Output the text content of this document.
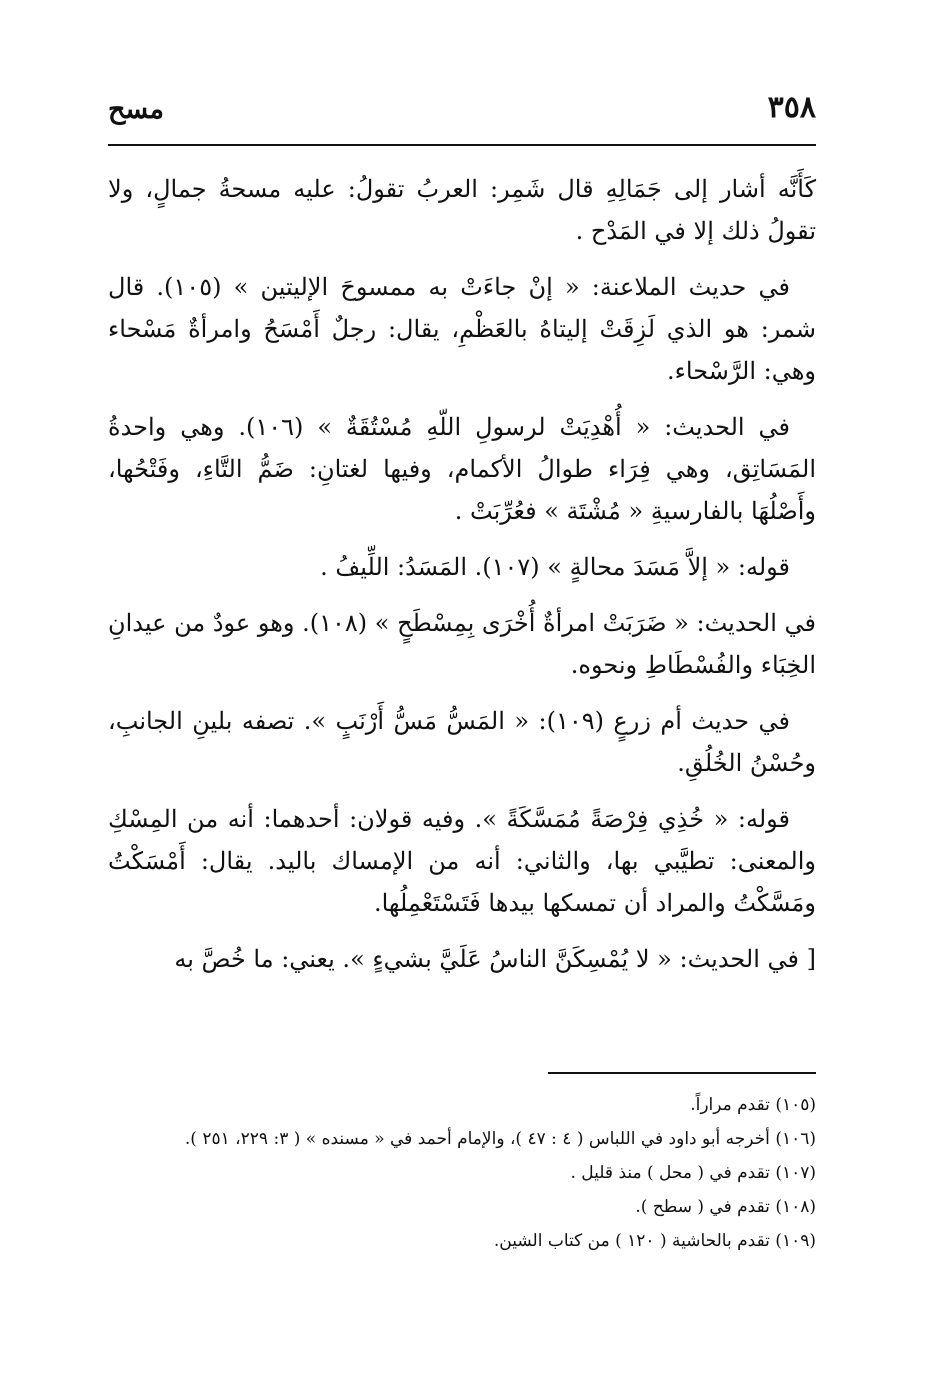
٣٥٨
مسح

كَأَنَّه أشار إلى جَمَالِهِ قال شَمِر: العربُ تقولُ: عليه مسحةُ جمالٍ، ولا تقولُ ذلك إلا في المَدْح .

في حديث الملاعنة: « إنْ جاءَتْ به ممسوحَ الإليتين » (١٠٥). قال شمر: هو الذي لَزِقَتْ إليتاهُ بالعَظْمِ، يقال: رجلٌ أَمْسَحُ وامرأةٌ مَسْحاء وهي: الرَّسْحاء.

في الحديث: « أُهْدِيَتْ لرسولِ اللّهِ مُسْتُقَةٌ » (١٠٦). وهي واحدةُ المَسَاتِق، وهي فِرَاء طوالُ الأكمام، وفيها لغتانِ: ضَمُّ التَّاءِ، وفَتْحُها، وأَصْلُهَا بالفارسيةِ « مُشْتَة » فعُرِّبَتْ .

قوله: « إلاَّ مَسَدَ محالةٍ » (١٠٧). المَسَدُ: اللِّيفُ .

في الحديث: « ضَرَبَتْ امرأةٌ أُخْرَى بِمِسْطَحٍ » (١٠٨). وهو عودٌ من عيدانِ الخِبَاء والفُسْطَاطِ ونحوه.

في حديث أم زرعٍ (١٠٩): « المَسُّ مَسُّ أَرْنَبٍ ». تصفه بلينِ الجانبِ، وحُسْنُ الخُلُقِ.

قوله: « خُذِي فِرْصَةً مُمَسَّكَةً ». وفيه قولان: أحدهما: أنه من المِسْكِ والمعنى: تطيَّبي بها، والثاني: أنه من الإمساك باليد. يقال: أَمْسَكْتُ ومَسَّكْتُ والمراد أن تمسكها بيدها فَتَسْتَعْمِلُها.

[ في الحديث: « لا يُمْسِكَنَّ الناسُ عَلَيَّ بشيءٍ ». يعني: ما خُصَّ به

(١٠٥) تقدم مراراً.

(١٠٦) أخرجه أبو داود في اللباس ( ٤ : ٤٧ )، والإمام أحمد في « مسنده » ( ٣: ٢٢٩، ٢٥١ ).

(١٠٧) تقدم في ( محل ) منذ قليل .

(١٠٨) تقدم في ( سطح ).

(١٠٩) تقدم بالحاشية ( ١٢٠ ) من كتاب الشين.
